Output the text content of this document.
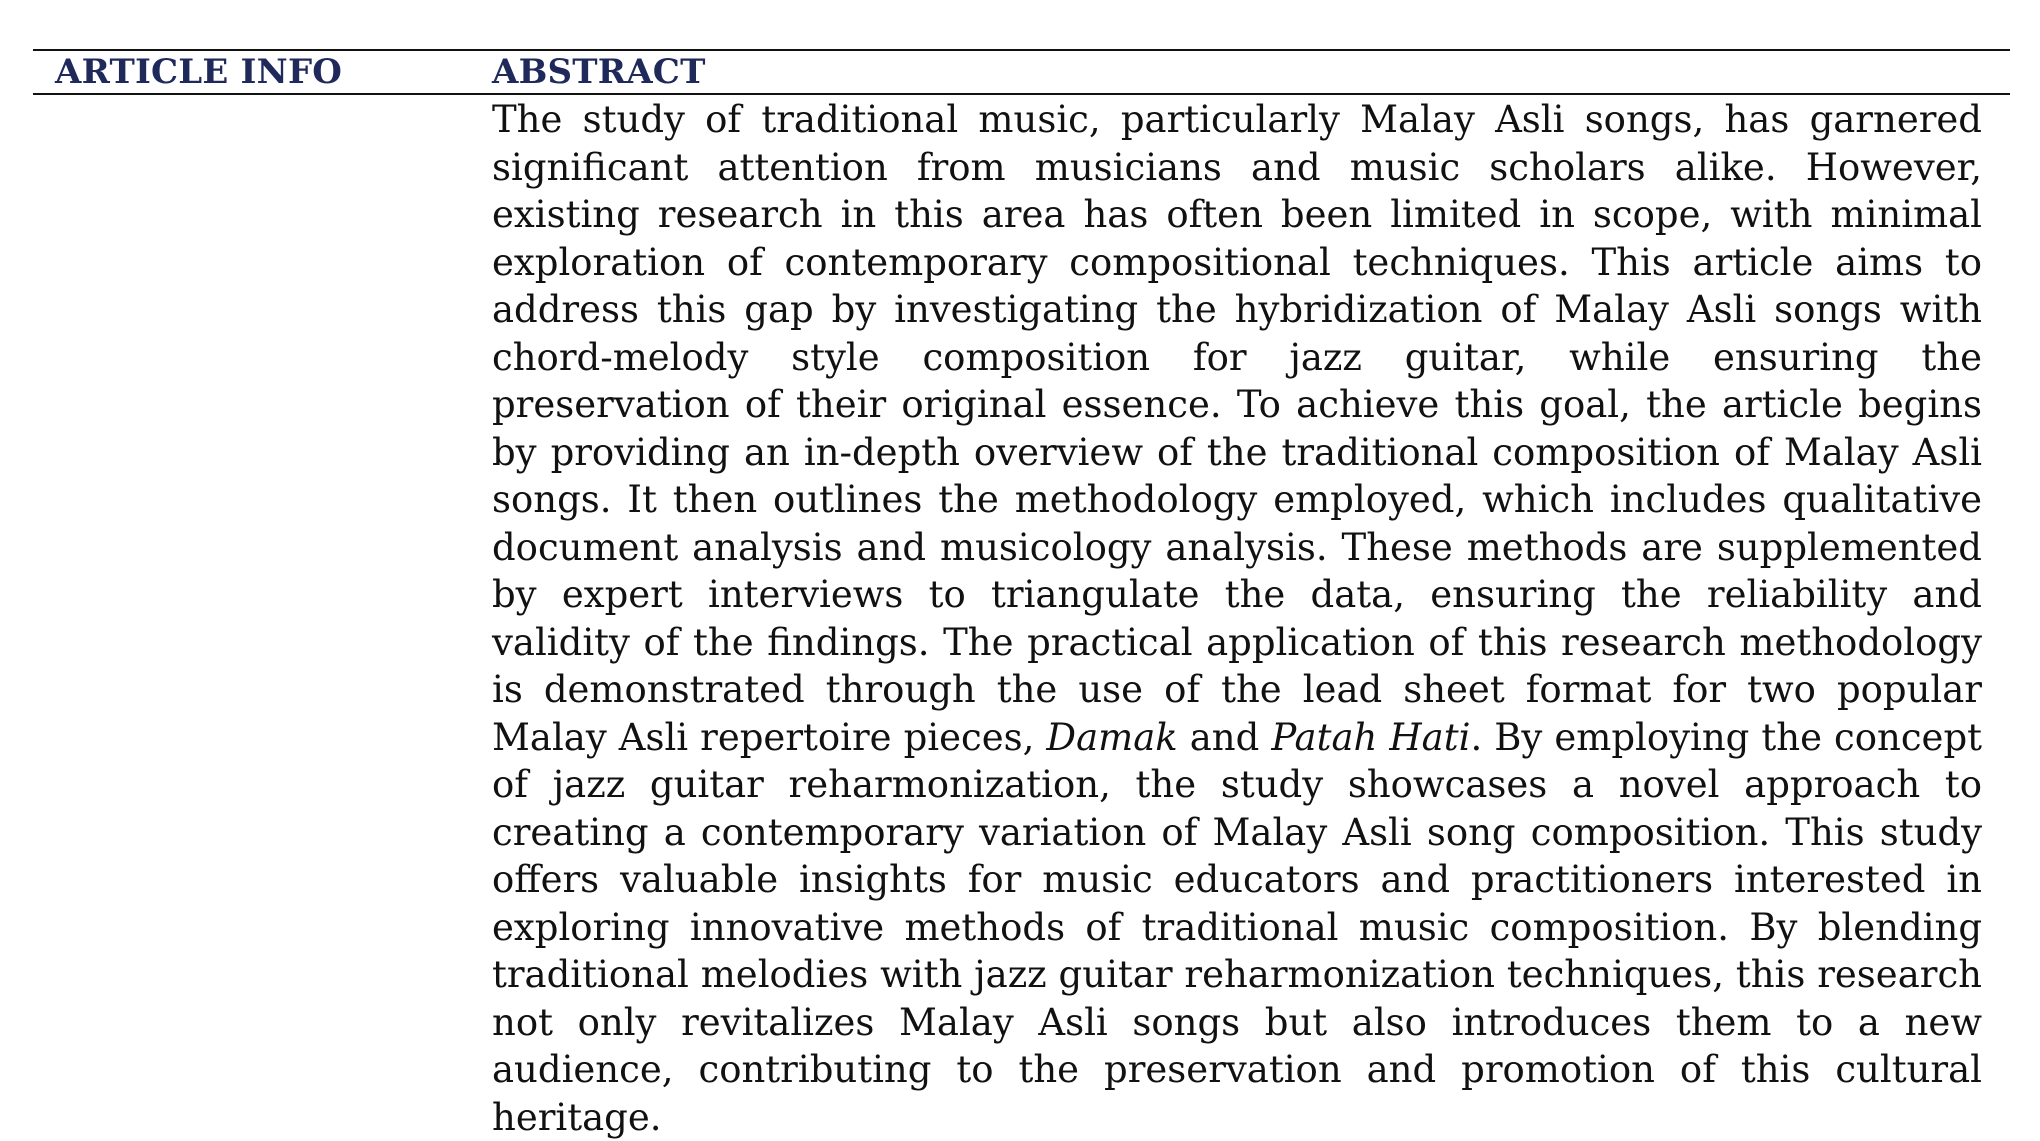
ARTICLE INFO	ABSTRACT

The study of traditional music, particularly Malay Asli songs, has garnered significant attention from musicians and music scholars alike. However, existing research in this area has often been limited in scope, with minimal exploration of contemporary compositional techniques. This article aims to address this gap by investigating the hybridization of Malay Asli songs with chord-melody style composition for jazz guitar, while ensuring the preservation of their original essence. To achieve this goal, the article begins by providing an in-depth overview of the traditional composition of Malay Asli songs. It then outlines the methodology employed, which includes qualitative document analysis and musicology analysis. These methods are supplemented by expert interviews to triangulate the data, ensuring the reliability and validity of the findings. The practical application of this research methodology is demonstrated through the use of the lead sheet format for two popular Malay Asli repertoire pieces, Damak and Patah Hati. By employing the concept of jazz guitar reharmonization, the study showcases a novel approach to creating a contemporary variation of Malay Asli song composition. This study offers valuable insights for music educators and practitioners interested in exploring innovative methods of traditional music composition. By blending traditional melodies with jazz guitar reharmonization techniques, this research not only revitalizes Malay Asli songs but also introduces them to a new audience, contributing to the preservation and promotion of this cultural heritage.
